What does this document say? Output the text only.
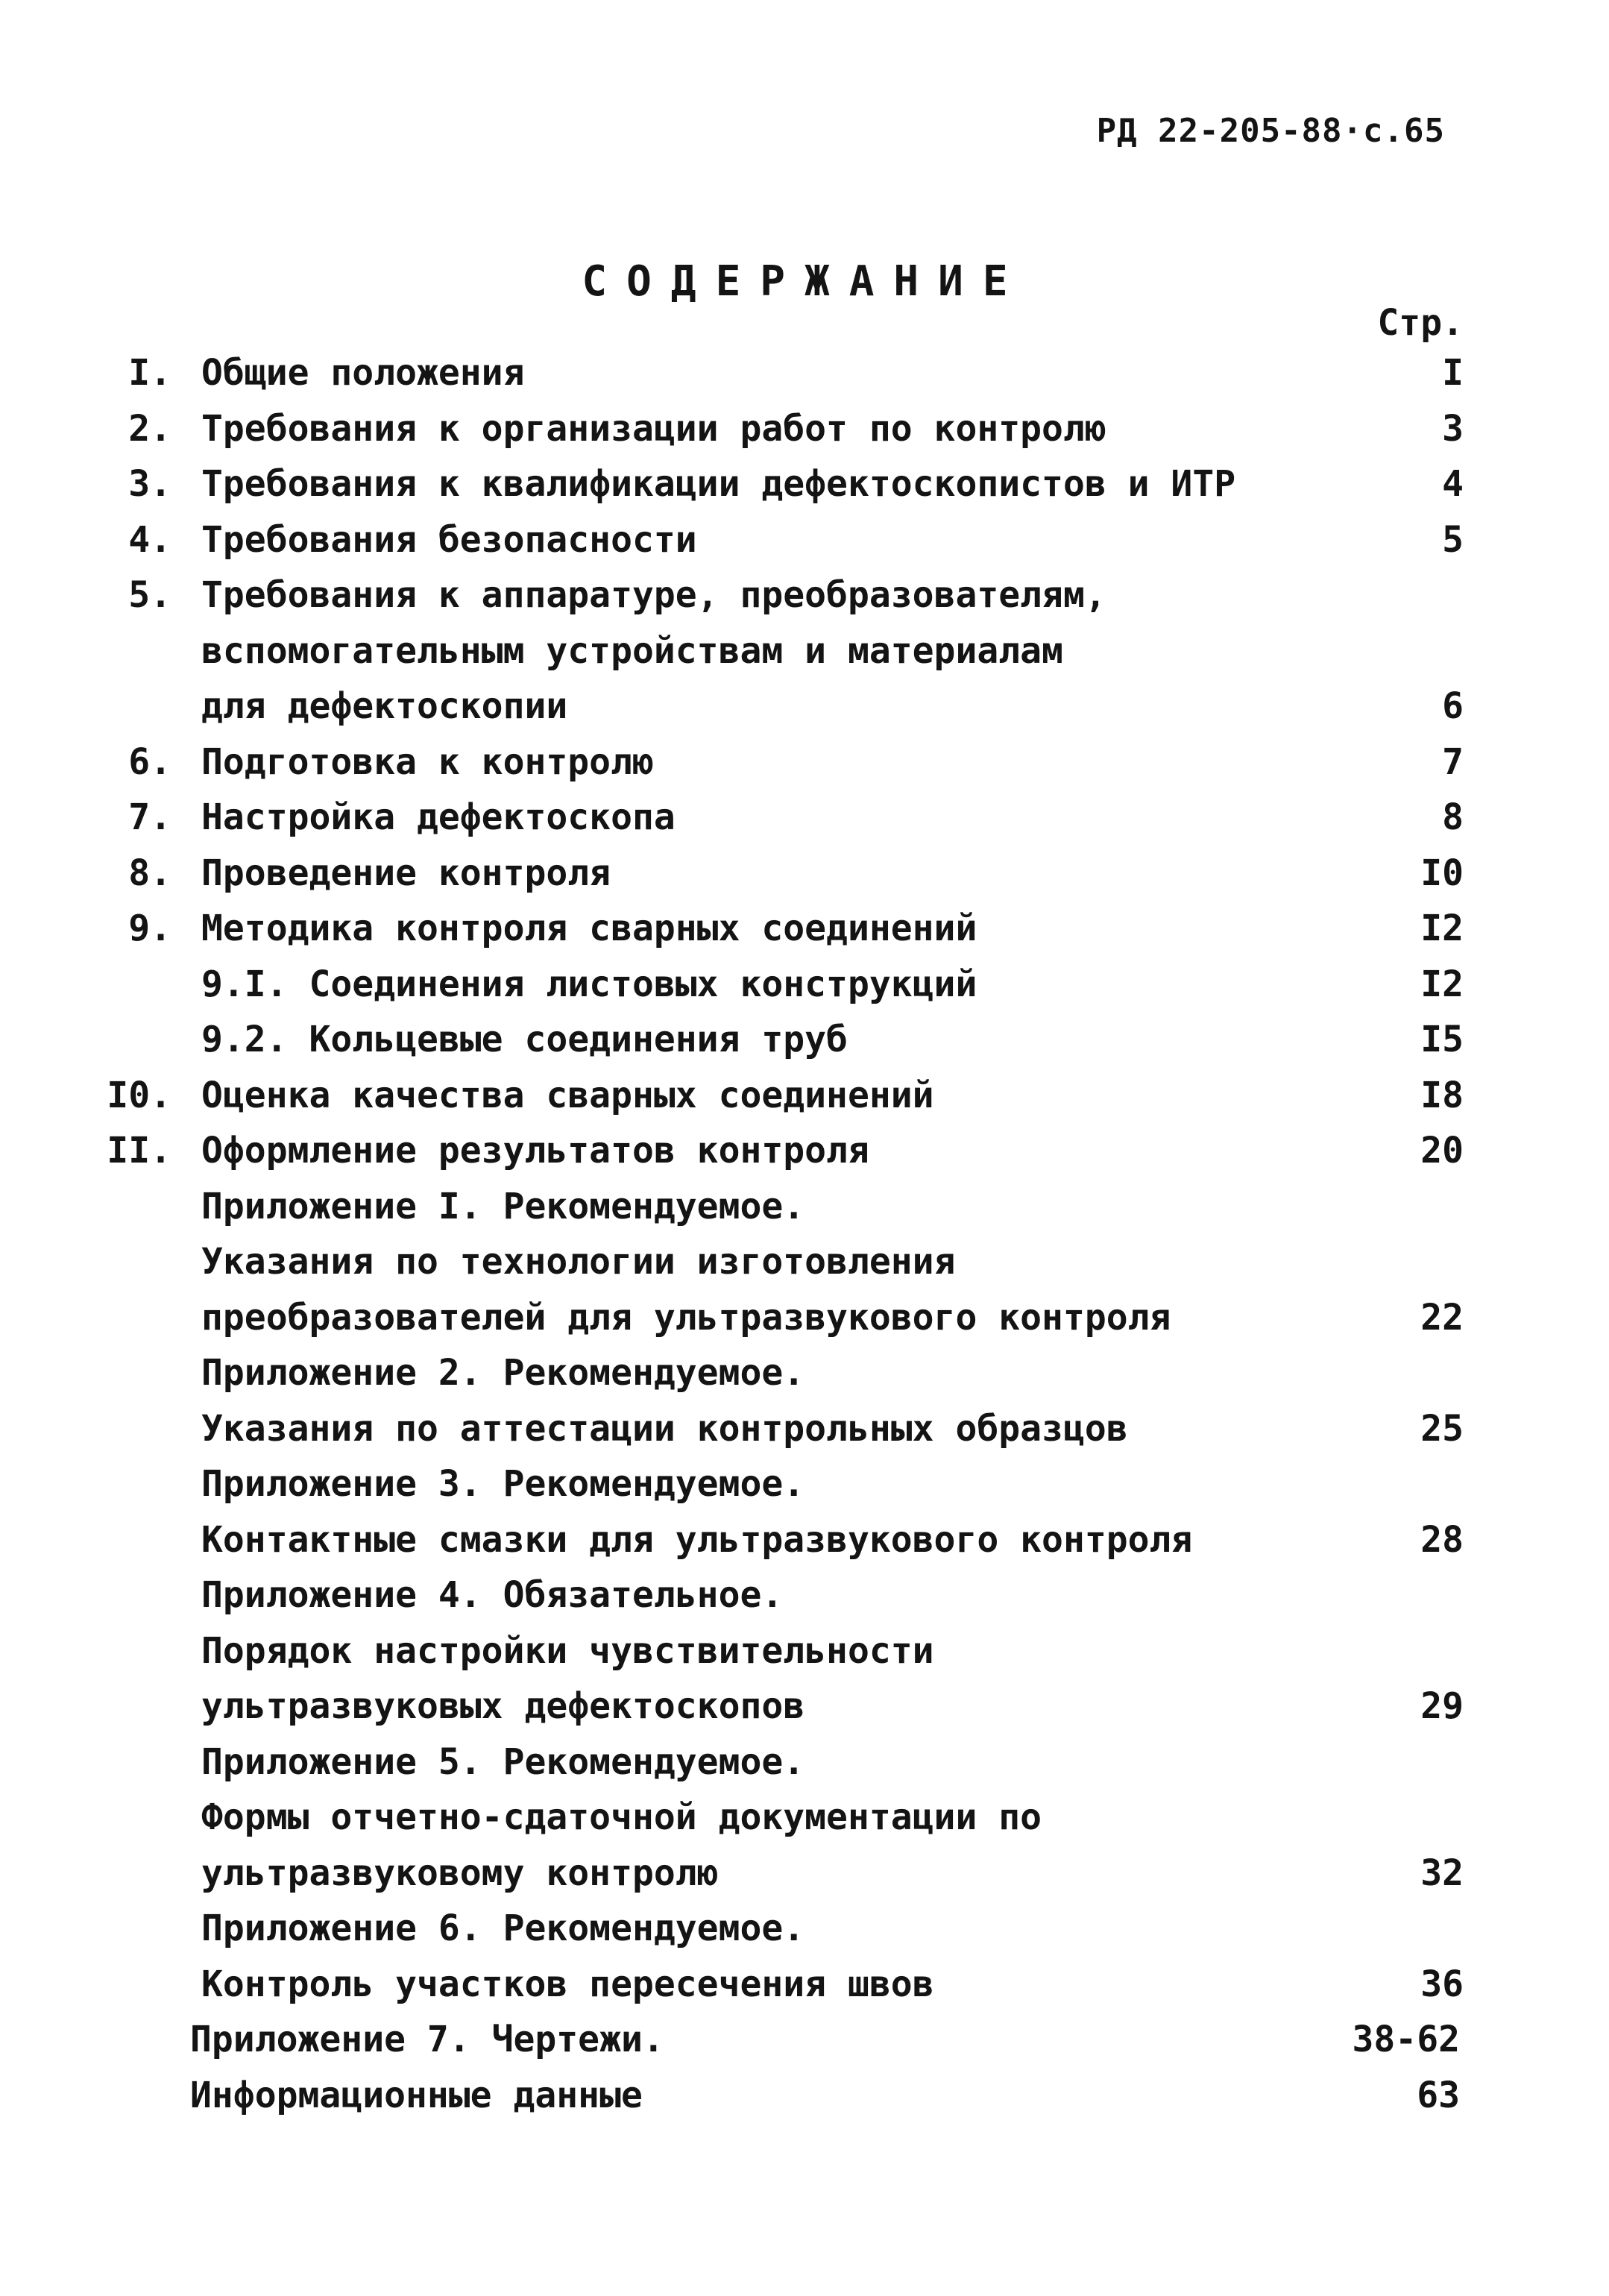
РД 22-205-88·с.65
СОДЕРЖАНИЕ
Стр.
I. Общие положения	I
2. Требования к организации работ по контролю	3
3. Требования к квалификации дефектоскопистов и ИТР	4
4. Требования безопасности	5
5. Требования к аппаратуре, преобразователям,
вспомогательным устройствам и материалам
для дефектоскопии	6
6. Подготовка к контролю	7
7. Настройка дефектоскопа	8
8. Проведение контроля	I0
9. Методика контроля сварных соединений	I2
9.I. Соединения листовых конструкций	I2
9.2. Кольцевые соединения труб	I5
I0. Оценка качества сварных соединений	I8
II. Оформление результатов контроля	20
Приложение I. Рекомендуемое.
Указания по технологии изготовления
преобразователей для ультразвукового контроля	22
Приложение 2. Рекомендуемое.
Указания по аттестации контрольных образцов	25
Приложение 3. Рекомендуемое.
Контактные смазки для ультразвукового контроля	28
Приложение 4. Обязательное.
Порядок настройки чувствительности
ультразвуковых дефектоскопов	29
Приложение 5. Рекомендуемое.
Формы отчетно-сдаточной документации по
ультразвуковому контролю	32
Приложение 6. Рекомендуемое.
Контроль участков пересечения швов	36
Приложение 7. Чертежи.	38-62
Информационные данные	63
